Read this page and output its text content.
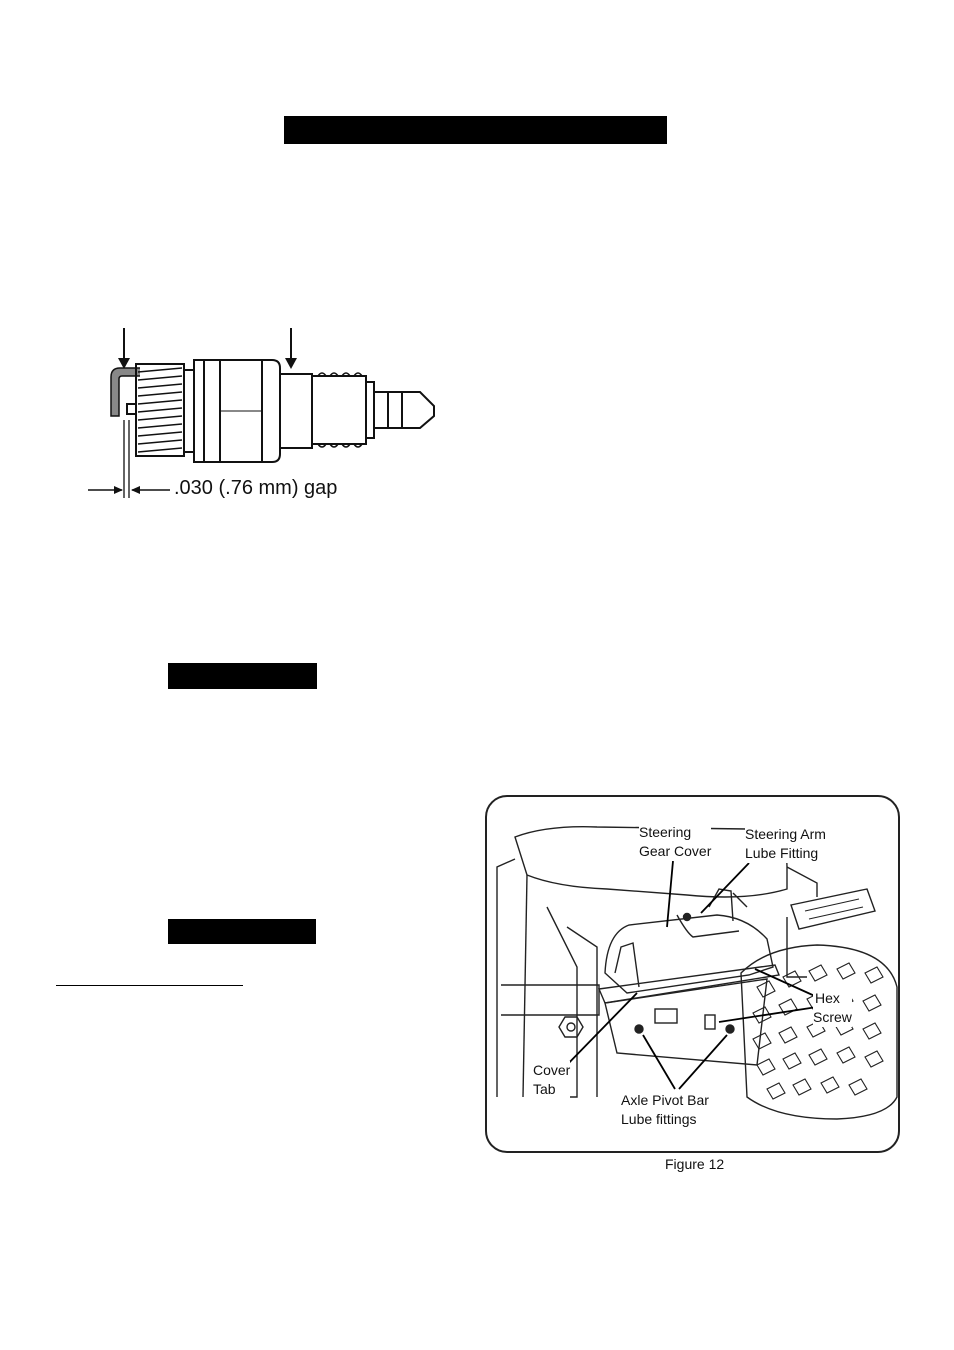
.030 (.76 mm) gap
Steering
Gear Cover
Steering Arm
Lube Fitting
Hex
Screw
Cover
Tab
Axle Pivot Bar
Lube fittings
Figure 12
